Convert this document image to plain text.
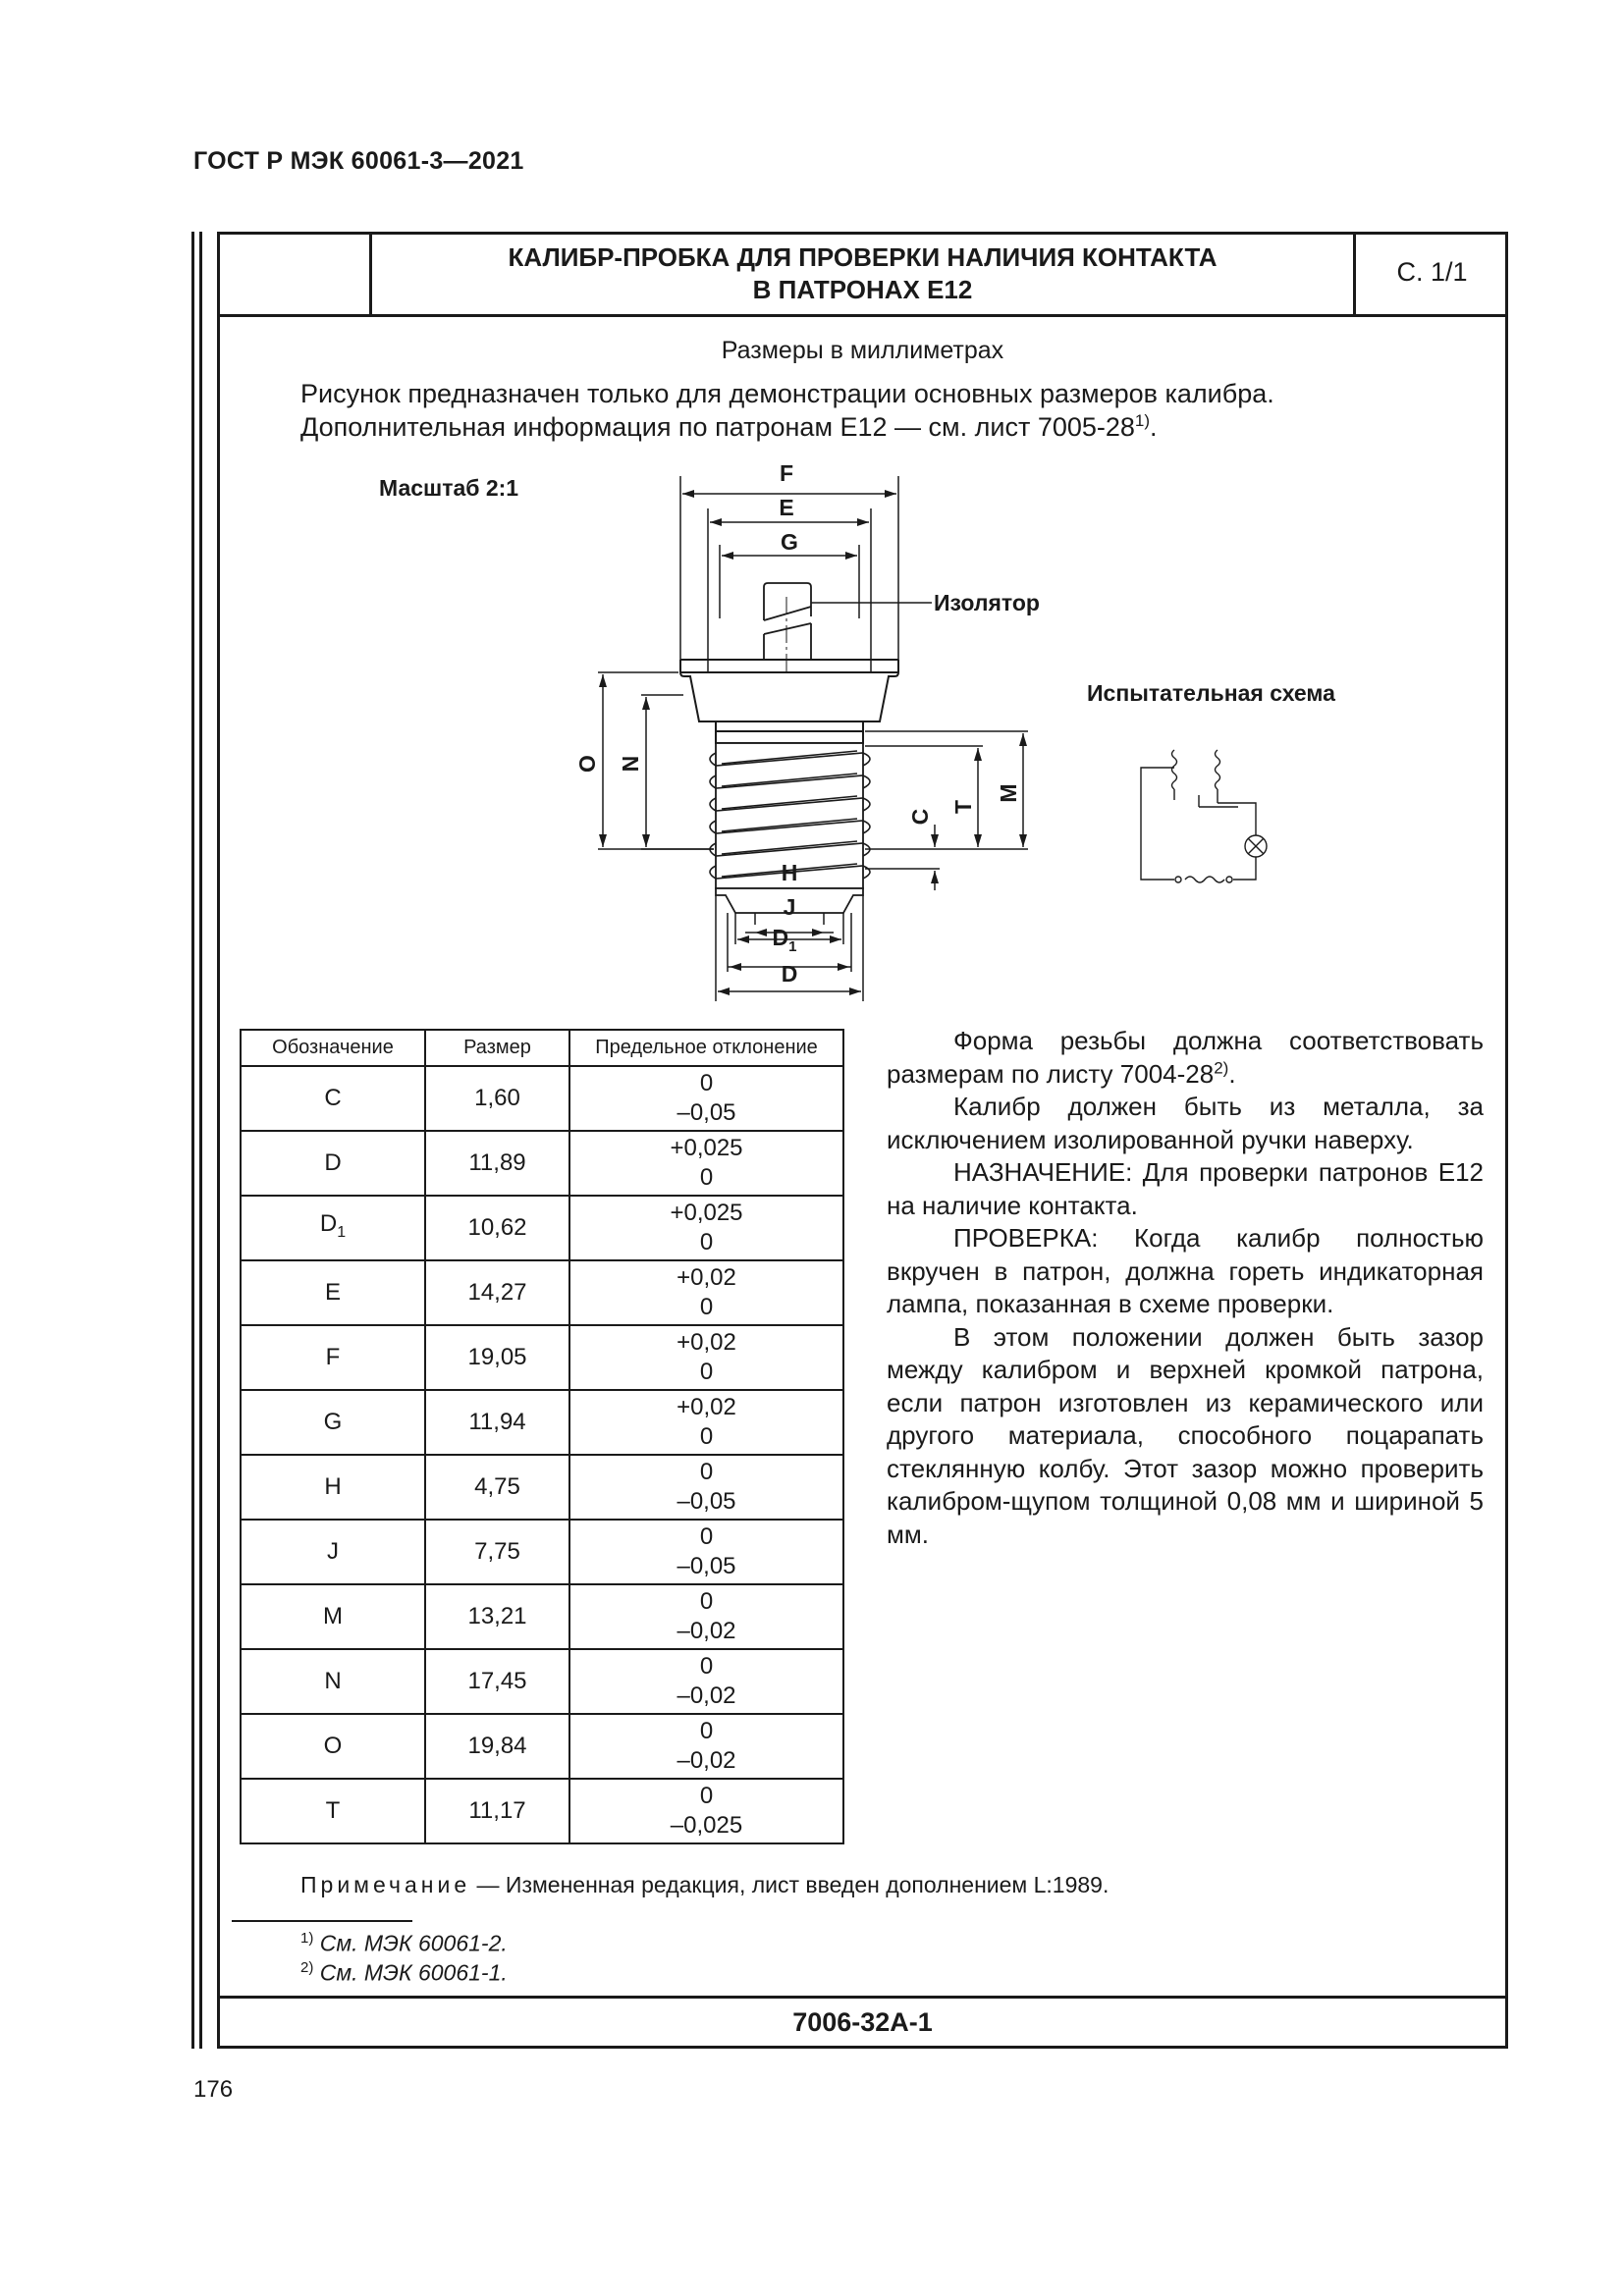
ГОСТ Р МЭК 60061-3—2021
КАЛИБР-ПРОБКА ДЛЯ ПРОВЕРКИ НАЛИЧИЯ КОНТАКТА
В ПАТРОНАХ Е12
С. 1/1
Размеры в миллиметрах
Рисунок предназначен только для демонстрации основных размеров калибра.
Дополнительная информация по патронам Е12 — см. лист 7005-28$^{1)}$.
Масштаб 2:1
F
E
G
Изолятор
O N
C
T
M
H
J
$D_1$
D
Испытательная схема
Обозначение	Размер	Предельное отклонение
C	1,60	0
–0,05

D	11,89	+0,025
0

$D_1$	10,62	+0,025
0

E	14,27	+0,02
0

F	19,05	+0,02
0

G	11,94	+0,02
0

H	4,75	0
–0,05

J	7,75	0
–0,05

M	13,21	0
–0,02

N	17,45	0
–0,02

O	19,84	0
–0,02

T	11,17	0
–0,025

Форма резьбы должна соответствовать размерам по листу 7004-28$^{2)}$.

Калибр должен быть из металла, за исключением изолированной ручки наверху.

НАЗНАЧЕНИЕ: Для проверки патронов Е12 на наличие контакта.

ПРОВЕРКА: Когда калибр полностью вкручен в патрон, должна гореть индикаторная лампа, показанная в схеме проверки.

В этом положении должен быть зазор между калибром и верхней кромкой патрона, если патрон изготовлен из керамического или другого материала, способного поцарапать стеклянную колбу. Этот зазор можно проверить калибром-щупом толщиной 0,08 мм и шириной 5 мм.

Примечание — Измененная редакция, лист введен дополнением L:1989.
$^{1)}$ См. МЭК 60061-2.
$^{2)}$ См. МЭК 60061-1.
7006-32А-1
176
